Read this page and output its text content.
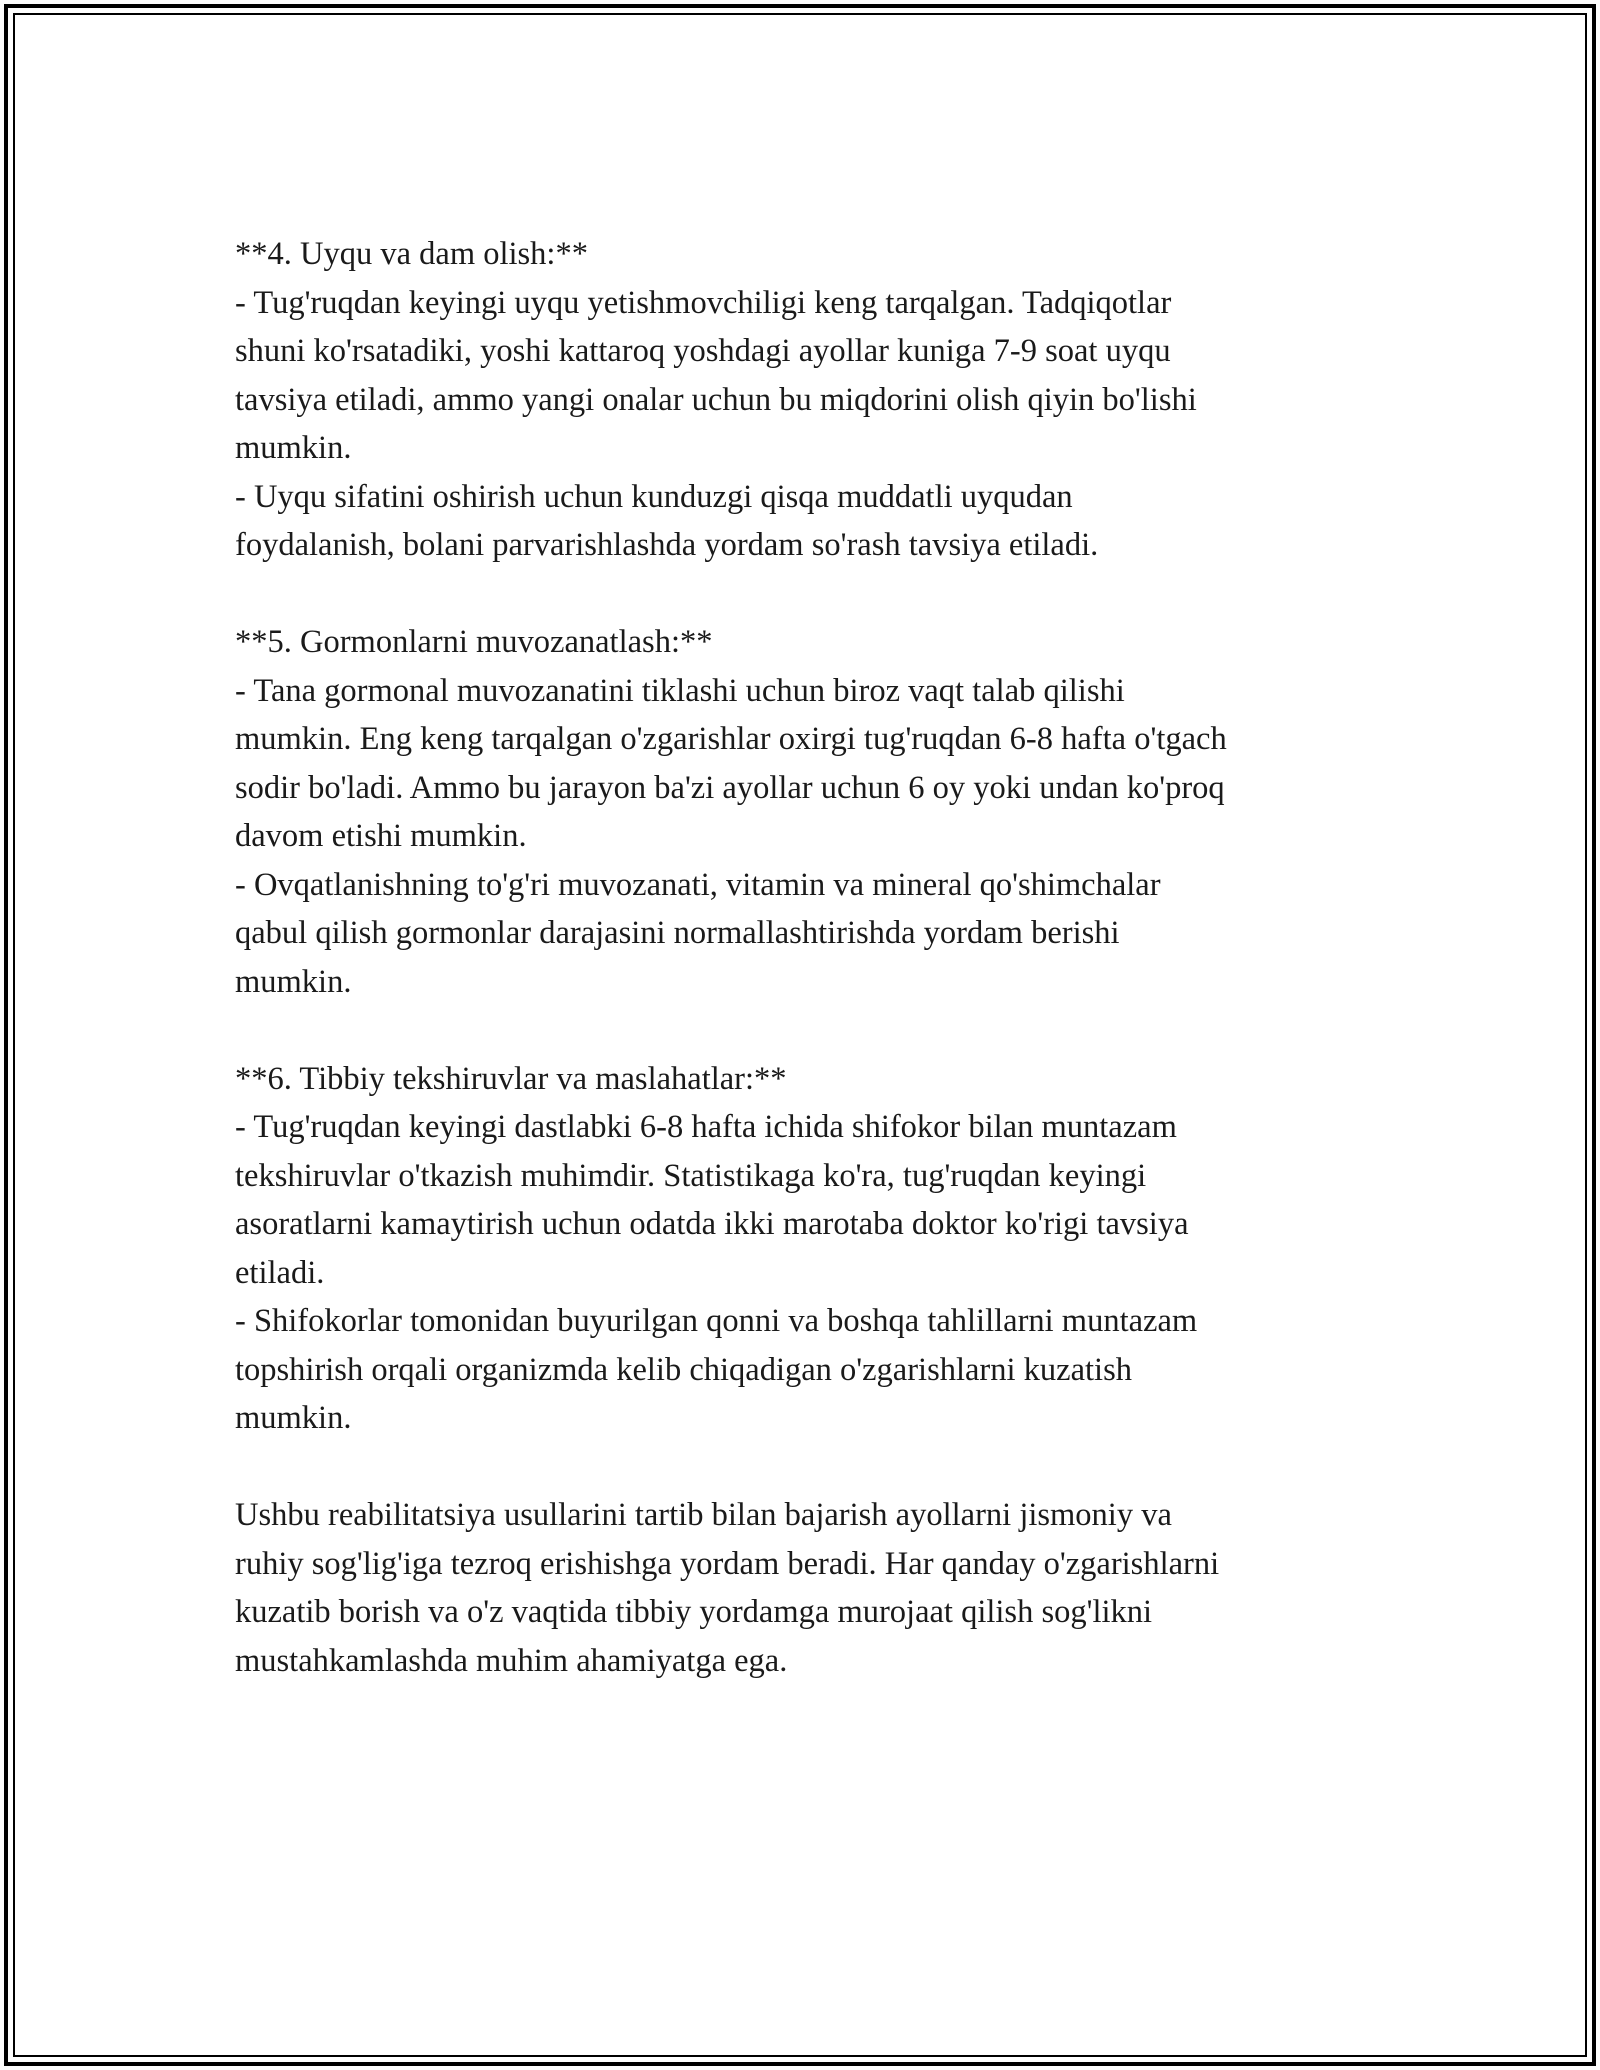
**4. Uyqu va dam olish:**
- Tug'ruqdan keyingi uyqu yetishmovchiligi keng tarqalgan. Tadqiqotlar
shuni ko'rsatadiki, yoshi kattaroq yoshdagi ayollar kuniga 7-9 soat uyqu
tavsiya etiladi, ammo yangi onalar uchun bu miqdorini olish qiyin bo'lishi
mumkin.
- Uyqu sifatini oshirish uchun kunduzgi qisqa muddatli uyqudan
foydalanish, bolani parvarishlashda yordam so'rash tavsiya etiladi.
**5. Gormonlarni muvozanatlash:**
- Tana gormonal muvozanatini tiklashi uchun biroz vaqt talab qilishi
mumkin. Eng keng tarqalgan o'zgarishlar oxirgi tug'ruqdan 6-8 hafta o'tgach
sodir bo'ladi. Ammo bu jarayon ba'zi ayollar uchun 6 oy yoki undan ko'proq
davom etishi mumkin.
- Ovqatlanishning to'g'ri muvozanati, vitamin va mineral qo'shimchalar
qabul qilish gormonlar darajasini normallashtirishda yordam berishi
mumkin.
**6. Tibbiy tekshiruvlar va maslahatlar:**
- Tug'ruqdan keyingi dastlabki 6-8 hafta ichida shifokor bilan muntazam
tekshiruvlar o'tkazish muhimdir. Statistikaga ko'ra, tug'ruqdan keyingi
asoratlarni kamaytirish uchun odatda ikki marotaba doktor ko'rigi tavsiya
etiladi.
- Shifokorlar tomonidan buyurilgan qonni va boshqa tahlillarni muntazam
topshirish orqali organizmda kelib chiqadigan o'zgarishlarni kuzatish
mumkin.
Ushbu reabilitatsiya usullarini tartib bilan bajarish ayollarni jismoniy va
ruhiy sog'lig'iga tezroq erishishga yordam beradi. Har qanday o'zgarishlarni
kuzatib borish va o'z vaqtida tibbiy yordamga murojaat qilish sog'likni
mustahkamlashda muhim ahamiyatga ega.
